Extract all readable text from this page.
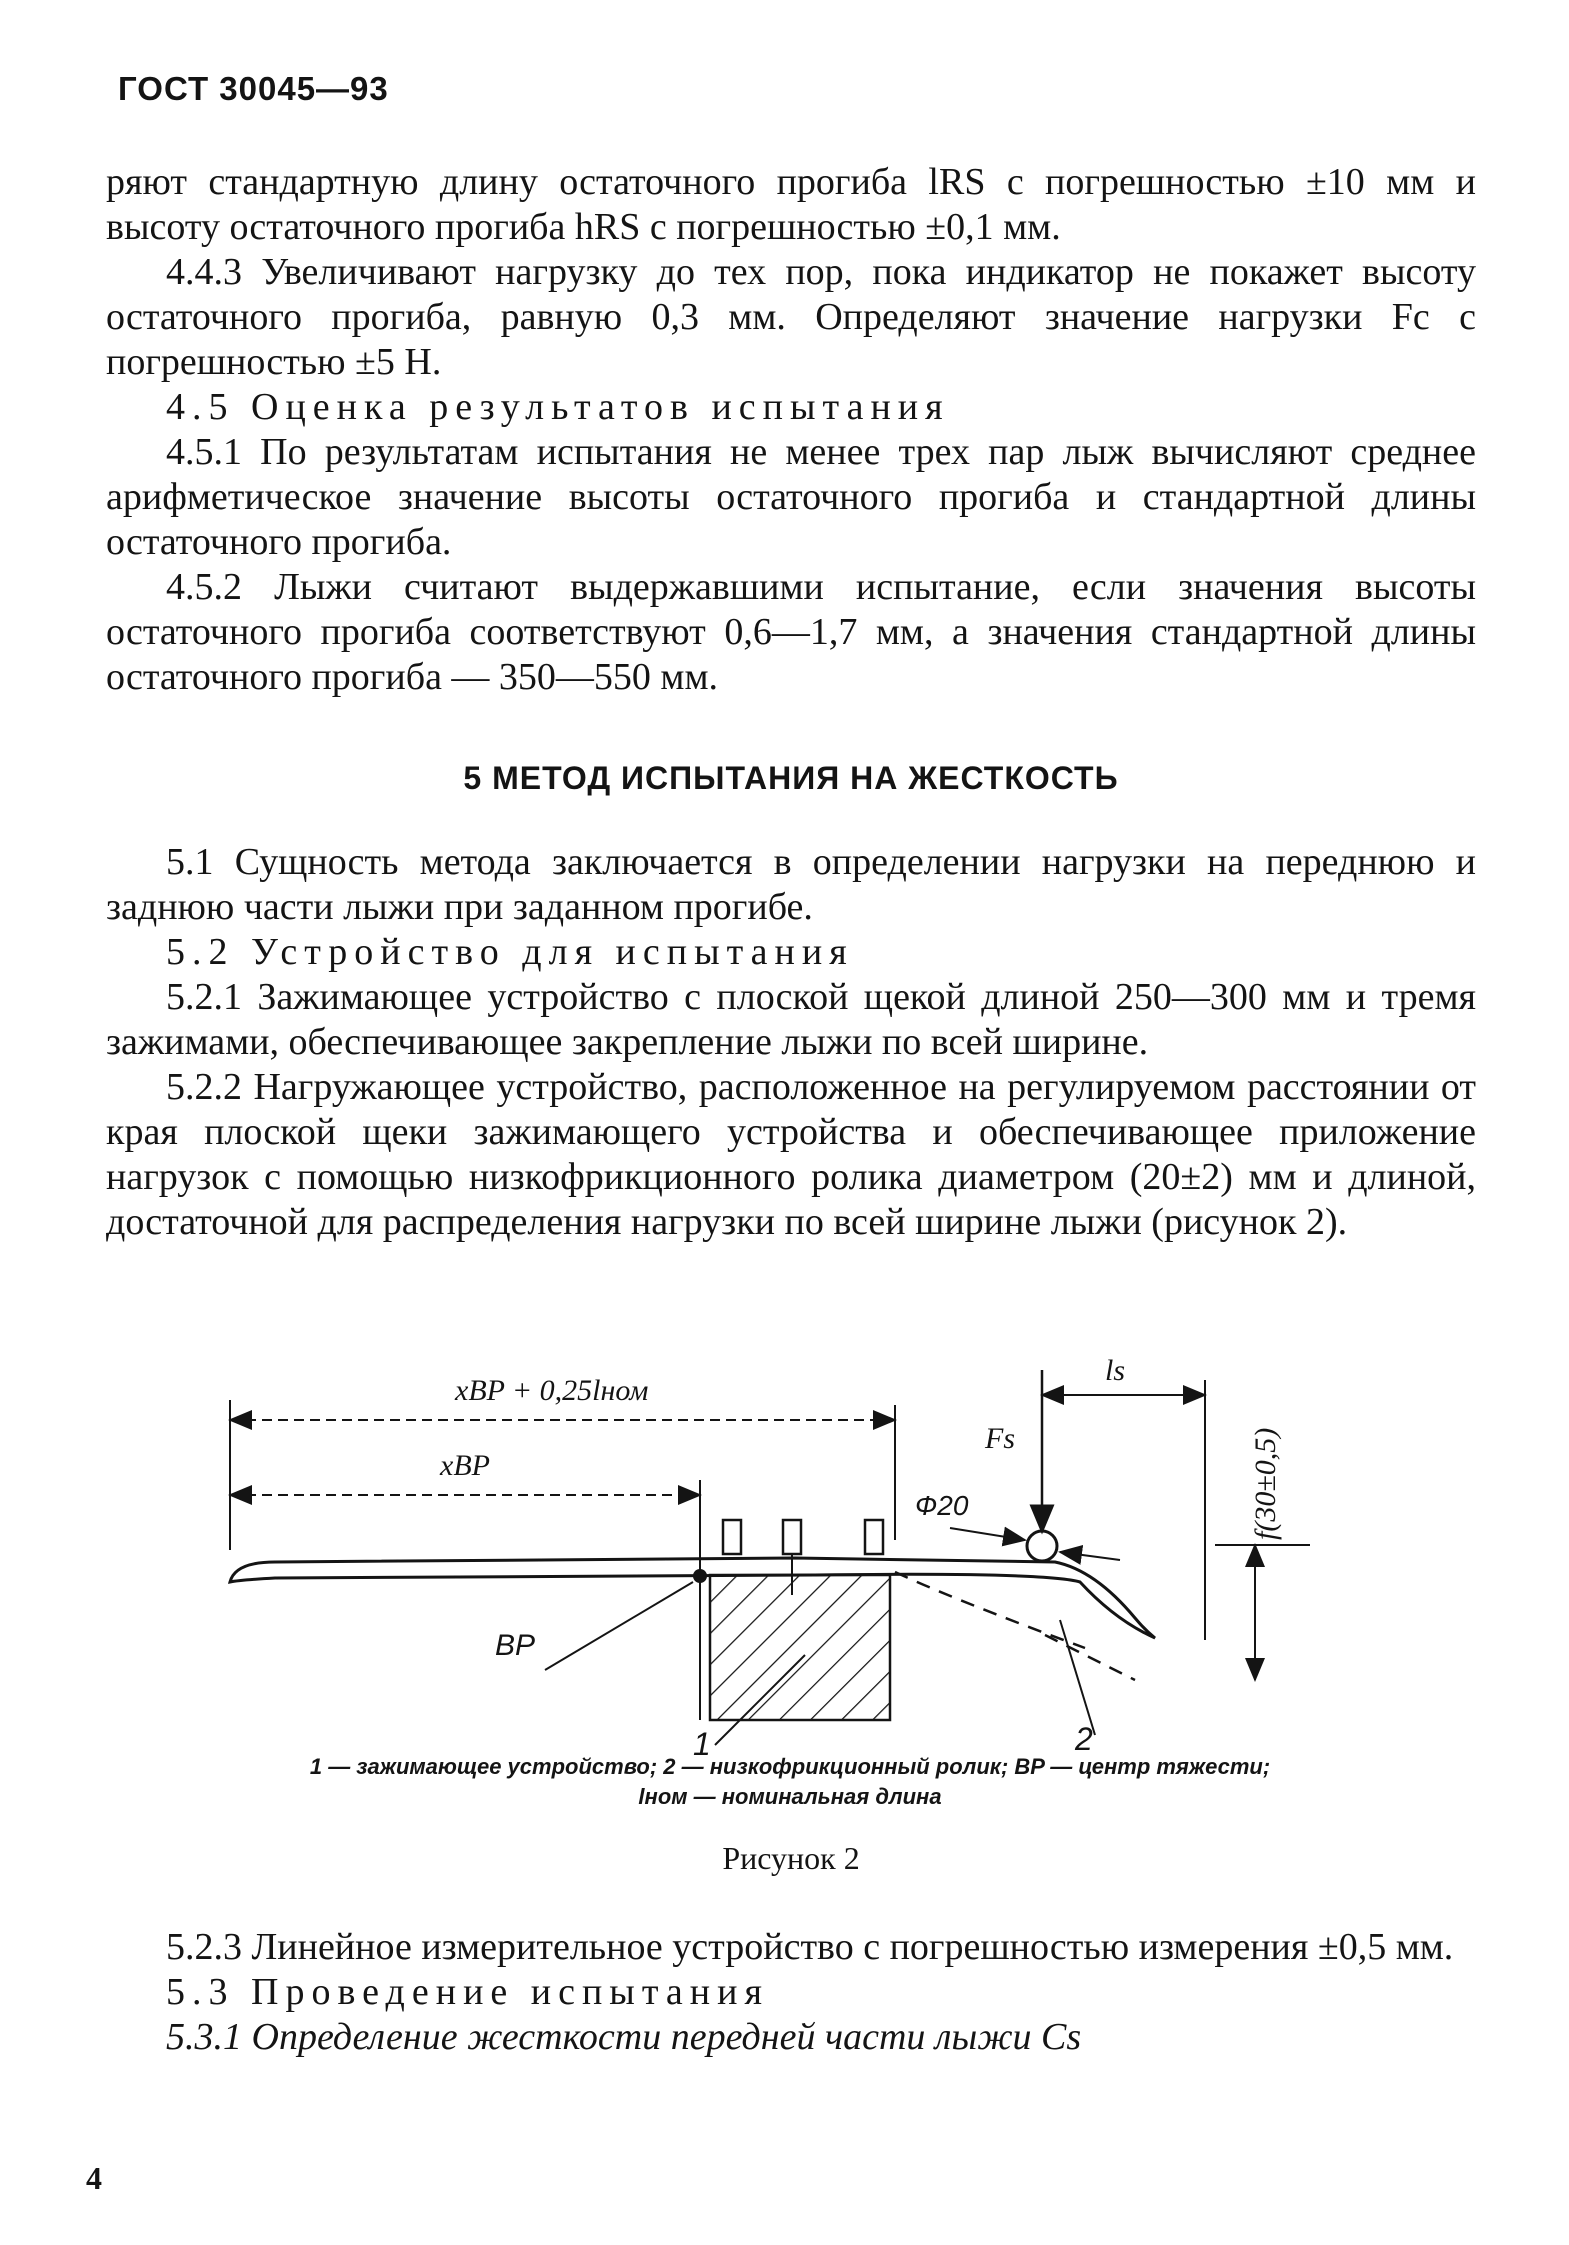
ГОСТ 30045—93

ряют стандартную длину остаточного прогиба lRS с погрешностью ±10 мм и высоту остаточного прогиба hRS с погрешностью ±0,1 мм.

4.4.3 Увеличивают нагрузку до тех пор, пока индикатор не покажет высоту остаточного прогиба, равную 0,3 мм. Определяют значение нагрузки Fc с погрешностью ±5 Н.

4.5 Оценка результатов испытания

4.5.1 По результатам испытания не менее трех пар лыж вычисляют среднее арифметическое значение высоты остаточного прогиба и стандартной длины остаточного прогиба.

4.5.2 Лыжи считают выдержавшими испытание, если значения высоты остаточного прогиба соответствуют 0,6—1,7 мм, а значения стандартной длины остаточного прогиба — 350—550 мм.

5 МЕТОД ИСПЫТАНИЯ НА ЖЕСТКОСТЬ

5.1 Сущность метода заключается в определении нагрузки на переднюю и заднюю части лыжи при заданном прогибе.

5.2 Устройство для испытания

5.2.1 Зажимающее устройство с плоской щекой длиной 250—300 мм и тремя зажимами, обеспечивающее закрепление лыжи по всей ширине.

5.2.2 Нагружающее устройство, расположенное на регулируемом расстоянии от края плоской щеки зажимающего устройства и обеспечивающее приложение нагрузок с помощью низкофрикционного ролика диаметром (20±2) мм и длиной, достаточной для распределения нагрузки по всей ширине лыжи (рисунок 2).

xBP + 0,25lном
xBP
BP
1
Fs
Ф20
ls
f(30±0,5)
2
1 — зажимающее устройство; 2 — низкофрикционный ролик; BP — центр тяжести;
lном — номинальная длина
Рисунок 2

5.2.3 Линейное измерительное устройство с погрешностью измерения ±0,5 мм.

5.3 Проведение испытания

5.3.1 Определение жесткости передней части лыжи Cs

4
